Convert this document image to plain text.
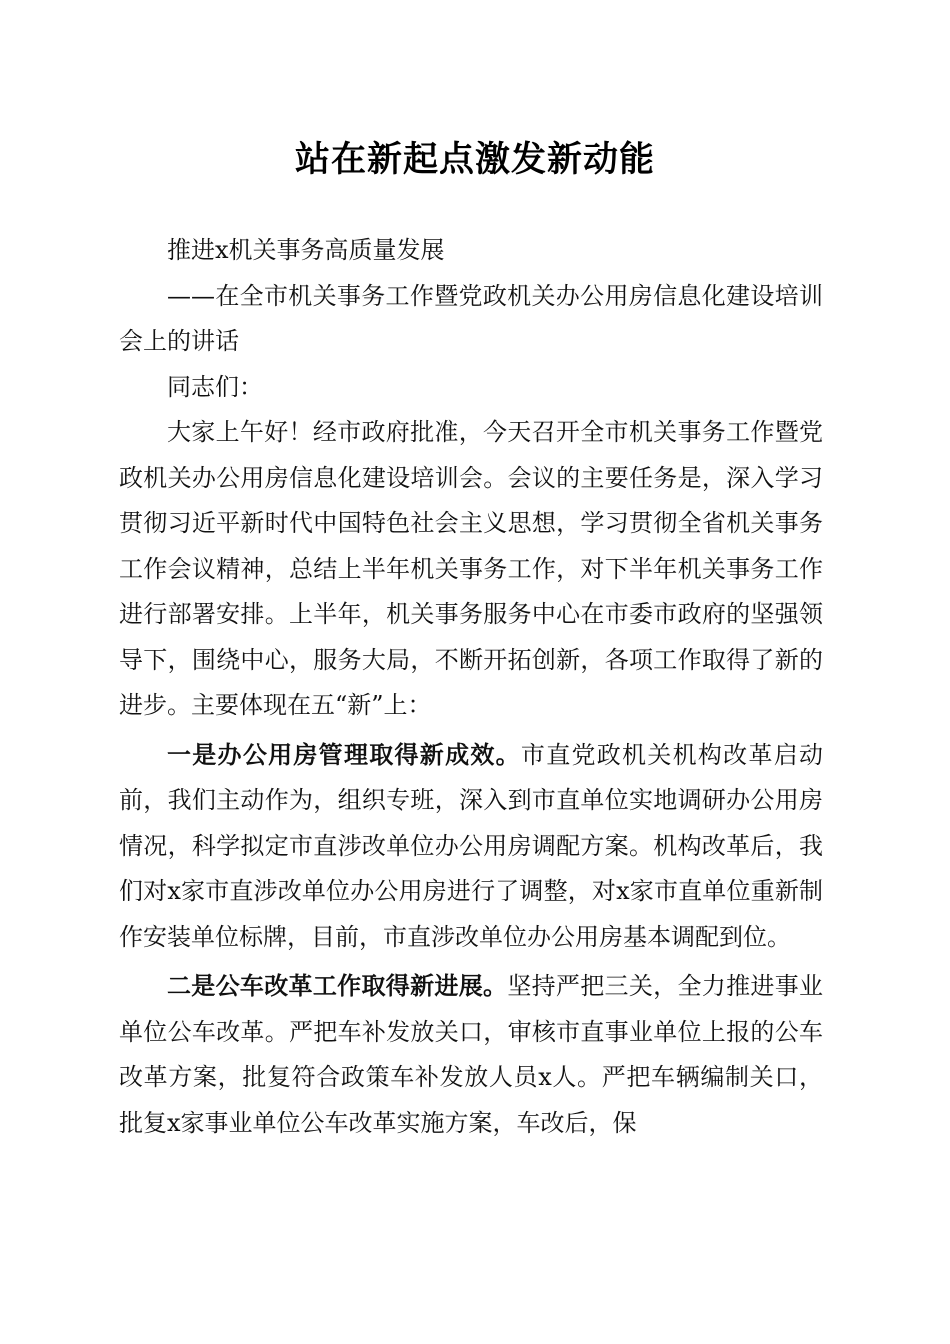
站在新起点激发新动能

推进x机关事务高质量发展

——在全市机关事务工作暨党政机关办公用房信息化建设培训会上的讲话

同志们：

大家上午好！经市政府批准，今天召开全市机关事务工作暨党政机关办公用房信息化建设培训会。会议的主要任务是，深入学习贯彻习近平新时代中国特色社会主义思想，学习贯彻全省机关事务工作会议精神，总结上半年机关事务工作，对下半年机关事务工作进行部署安排。上半年，机关事务服务中心在市委市政府的坚强领导下，围绕中心，服务大局，不断开拓创新，各项工作取得了新的进步。主要体现在五“新”上：

一是办公用房管理取得新成效。市直党政机关机构改革启动前，我们主动作为，组织专班，深入到市直单位实地调研办公用房情况，科学拟定市直涉改单位办公用房调配方案。机构改革后，我们对x家市直涉改单位办公用房进行了调整，对x家市直单位重新制作安装单位标牌，目前，市直涉改单位办公用房基本调配到位。

二是公车改革工作取得新进展。坚持严把三关，全力推进事业单位公车改革。严把车补发放关口，审核市直事业单位上报的公车改革方案，批复符合政策车补发放人员x人。严把车辆编制关口，批复x家事业单位公车改革实施方案，车改后，保
